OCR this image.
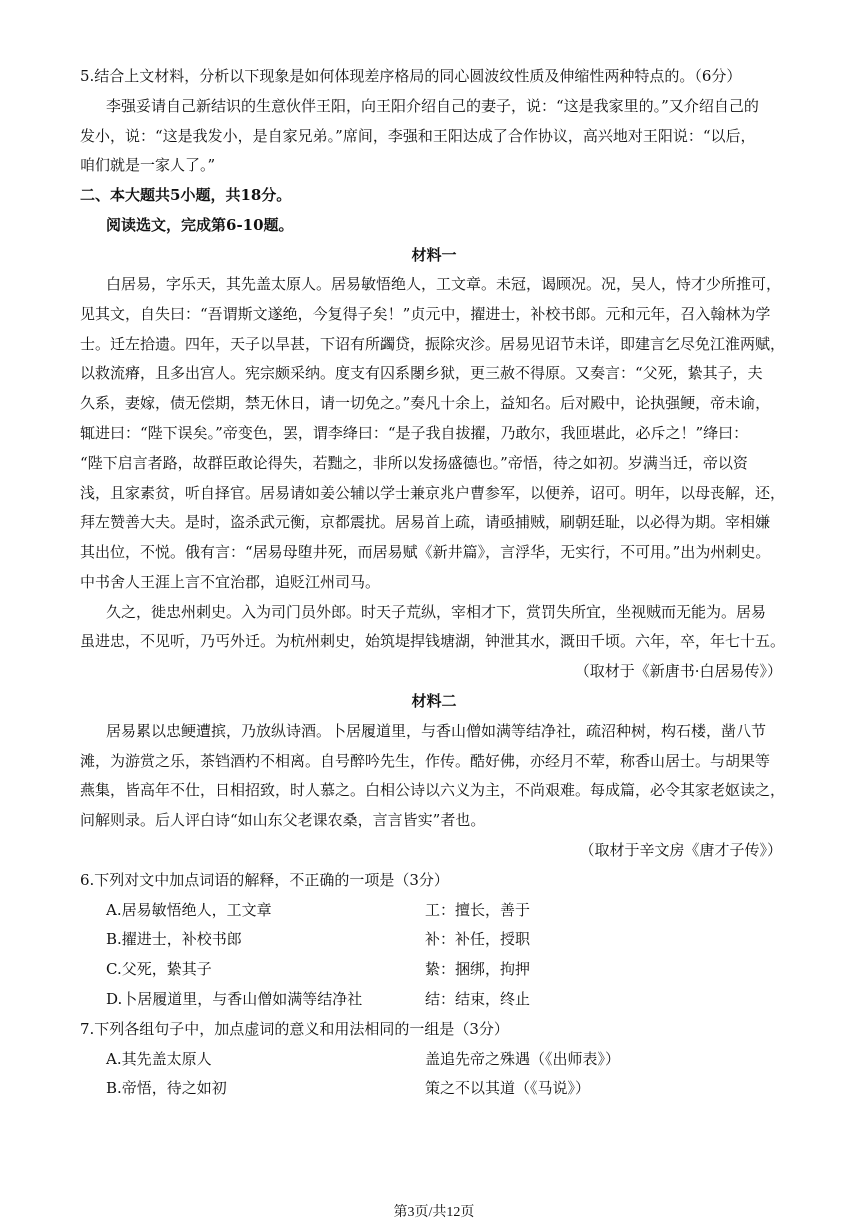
5.结合上文材料，分析以下现象是如何体现差序格局的同心圆波纹性质及伸缩性两种特点的。（6分）
李强妥请自己新结识的生意伙伴王阳，向王阳介绍自己的妻子，说：“这是我家里的。”又介绍自己的
发小，说：“这是我发小，是自家兄弟。”席间，李强和王阳达成了合作协议，高兴地对王阳说：“以后，
咱们就是一家人了。”
二、本大题共5小题，共18分。
阅读选文，完成第6-10题。
材料一
白居易，字乐天，其先盖太原人。居易敏悟绝人，工文章。未冠，谒顾况。况，吴人，恃才少所推可，
见其文，自失曰：“吾谓斯文遂绝，今复得子矣！”贞元中，擢进士，补校书郎。元和元年，召入翰林为学
士。迁左拾遗。四年，天子以旱甚，下诏有所蠲贷，振除灾沴。居易见诏节未详，即建言乞尽免江淮两赋，
以救流瘠，且多出宫人。宪宗颇采纳。度支有囚系閿乡狱，更三赦不得原。又奏言：“父死，絷其子，夫
久系，妻嫁，债无偿期，禁无休日，请一切免之。”奏凡十余上，益知名。后对殿中，论执强鲠，帝未谕，
辄进曰：“陛下误矣。”帝变色，罢，谓李绛曰：“是子我自拔擢，乃敢尔，我匝堪此，必斥之！”绛曰：
“陛下启言者路，故群臣敢论得失，若黜之，非所以发扬盛德也。”帝悟，待之如初。岁满当迁，帝以资
浅，且家素贫，听自择官。居易请如姜公辅以学士兼京兆户曹参军，以便养，诏可。明年，以母丧解，还，
拜左赞善大夫。是时，盗杀武元衡，京都震扰。居易首上疏，请亟捕贼，刷朝廷耻，以必得为期。宰相嫌
其出位，不悦。俄有言：“居易母堕井死，而居易赋《新井篇》，言浮华，无实行，不可用。”出为州刺史。
中书舍人王涯上言不宜治郡，追贬江州司马。
久之，徙忠州刺史。入为司门员外郎。时天子荒纵，宰相才下，赏罚失所宜，坐视贼而无能为。居易
虽进忠，不见听，乃丐外迁。为杭州刺史，始筑堤捍钱塘湖，钟泄其水，溉田千顷。六年，卒，年七十五。
（取材于《新唐书·白居易传》）
材料二
居易累以忠鲠遭摈，乃放纵诗酒。卜居履道里，与香山僧如满等结净社，疏沼种树，构石楼，凿八节
滩，为游赏之乐，茶铛酒杓不相离。自号醉吟先生，作传。酷好佛，亦经月不荤，称香山居士。与胡果等
燕集，皆高年不仕，日相招致，时人慕之。白相公诗以六义为主，不尚艰难。每成篇，必令其家老妪读之，
问解则录。后人评白诗“如山东父老课农桑，言言皆实”者也。
（取材于辛文房《唐才子传》）
6.下列对文中加点词语的解释，不正确的一项是（3分）
A.居易敏悟绝人，工文章	工：擅长，善于
B.擢进士，补校书郎	补：补任，授职
C.父死，絷其子	絷：捆绑，拘押
D.卜居履道里，与香山僧如满等结净社	结：结束，终止
7.下列各组句子中，加点虚词的意义和用法相同的一组是（3分）
A.其先盖太原人	盖追先帝之殊遇（《出师表》）
B.帝悟，待之如初	策之不以其道（《马说》）
第3页/共12页
